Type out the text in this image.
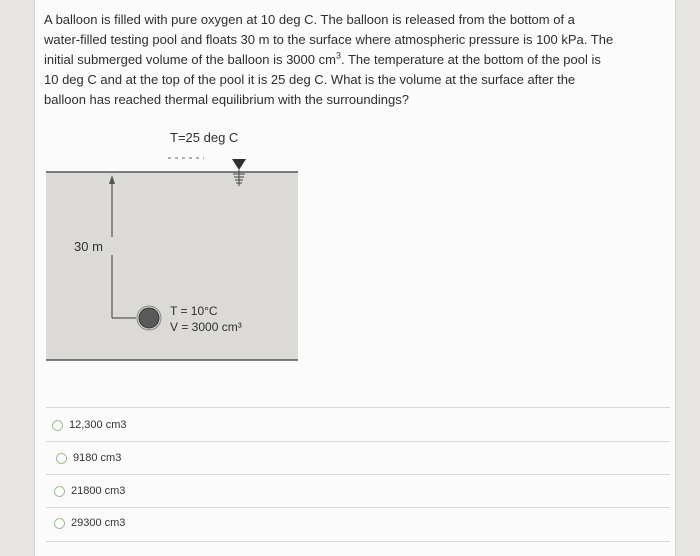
A balloon is filled with pure oxygen at 10 deg C. The balloon is released from the bottom of a
water-filled testing pool and floats 30 m to the surface where atmospheric pressure is 100 kPa. The
initial submerged volume of the balloon is 3000 $cm^3$. The temperature at the bottom of the pool is
10 deg C and at the top of the pool it is 25 deg C. What is the volume at the surface after the
balloon has reached thermal equilibrium with the surroundings?
T=25 deg C
30 m
T = 10°C
V = 3000 cm³
12,300 cm3
9180 cm3
21800 cm3
29300 cm3
